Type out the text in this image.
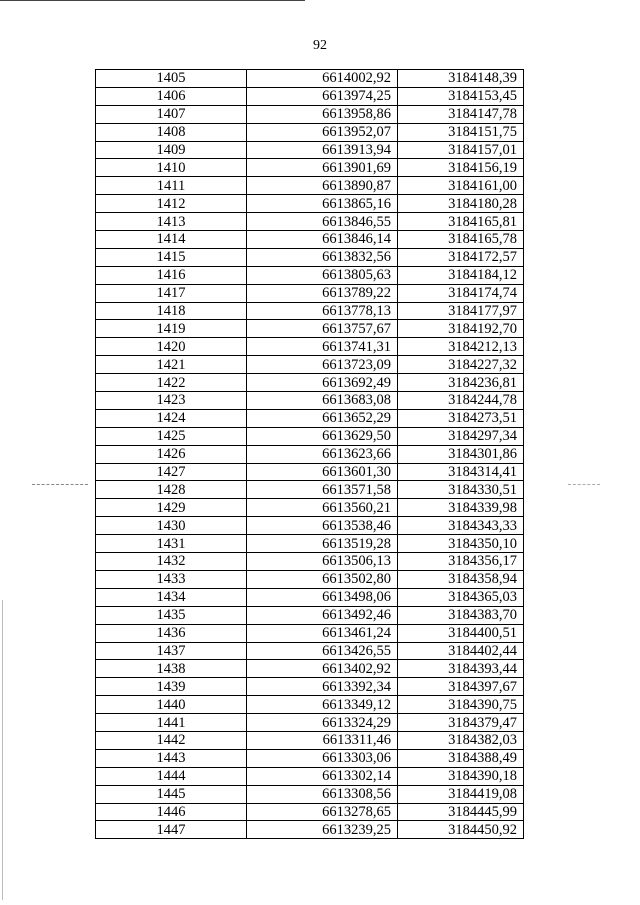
92
1405	6614002,92	3184148,39
1406	6613974,25	3184153,45
1407	6613958,86	3184147,78
1408	6613952,07	3184151,75
1409	6613913,94	3184157,01
1410	6613901,69	3184156,19
1411	6613890,87	3184161,00
1412	6613865,16	3184180,28
1413	6613846,55	3184165,81
1414	6613846,14	3184165,78
1415	6613832,56	3184172,57
1416	6613805,63	3184184,12
1417	6613789,22	3184174,74
1418	6613778,13	3184177,97
1419	6613757,67	3184192,70
1420	6613741,31	3184212,13
1421	6613723,09	3184227,32
1422	6613692,49	3184236,81
1423	6613683,08	3184244,78
1424	6613652,29	3184273,51
1425	6613629,50	3184297,34
1426	6613623,66	3184301,86
1427	6613601,30	3184314,41
1428	6613571,58	3184330,51
1429	6613560,21	3184339,98
1430	6613538,46	3184343,33
1431	6613519,28	3184350,10
1432	6613506,13	3184356,17
1433	6613502,80	3184358,94
1434	6613498,06	3184365,03
1435	6613492,46	3184383,70
1436	6613461,24	3184400,51
1437	6613426,55	3184402,44
1438	6613402,92	3184393,44
1439	6613392,34	3184397,67
1440	6613349,12	3184390,75
1441	6613324,29	3184379,47
1442	6613311,46	3184382,03
1443	6613303,06	3184388,49
1444	6613302,14	3184390,18
1445	6613308,56	3184419,08
1446	6613278,65	3184445,99
1447	6613239,25	3184450,92
